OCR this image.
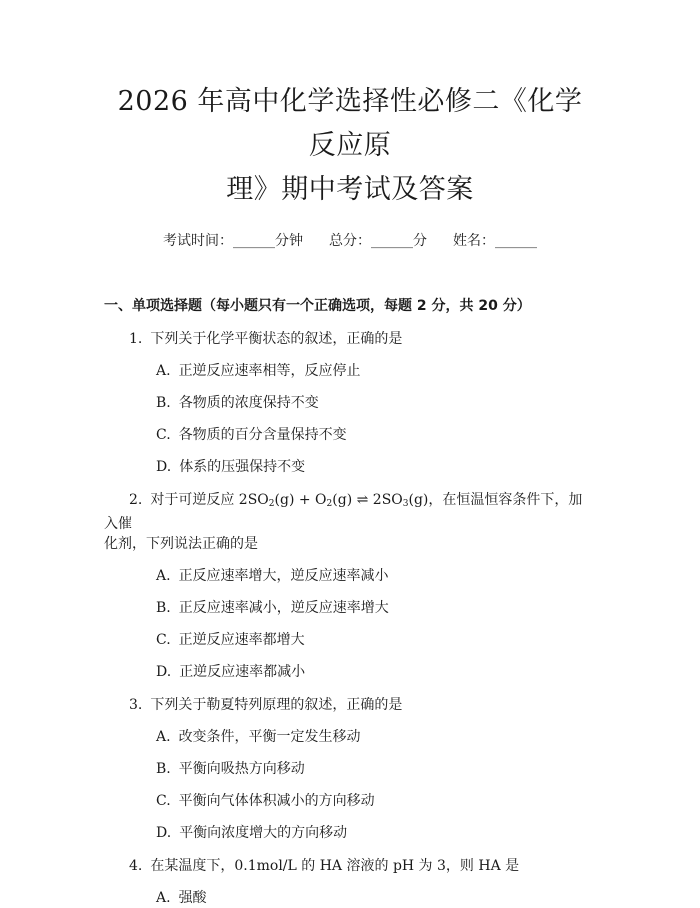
2026 年高中化学选择性必修二《化学反应原
理》期中考试及答案
考试时间：______分钟 总分：______分 姓名：______
一、单项选择题（每小题只有一个正确选项，每题 2 分，共 20 分）
1. 下列关于化学平衡状态的叙述，正确的是
A. 正逆反应速率相等，反应停止
B. 各物质的浓度保持不变
C. 各物质的百分含量保持不变
D. 体系的压强保持不变
2. 对于可逆反应 $2SO_2(g) + O_2(g)$ ⇌ $2SO_3(g)$，在恒温恒容条件下，加入催
化剂，下列说法正确的是
A. 正反应速率增大，逆反应速率减小
B. 正反应速率减小，逆反应速率增大
C. 正逆反应速率都增大
D. 正逆反应速率都减小
3. 下列关于勒夏特列原理的叙述，正确的是
A. 改变条件，平衡一定发生移动
B. 平衡向吸热方向移动
C. 平衡向气体体积减小的方向移动
D. 平衡向浓度增大的方向移动
4. 在某温度下，0.1mol/L 的 HA 溶液的 pH 为 3，则 HA 是
A. 强酸
